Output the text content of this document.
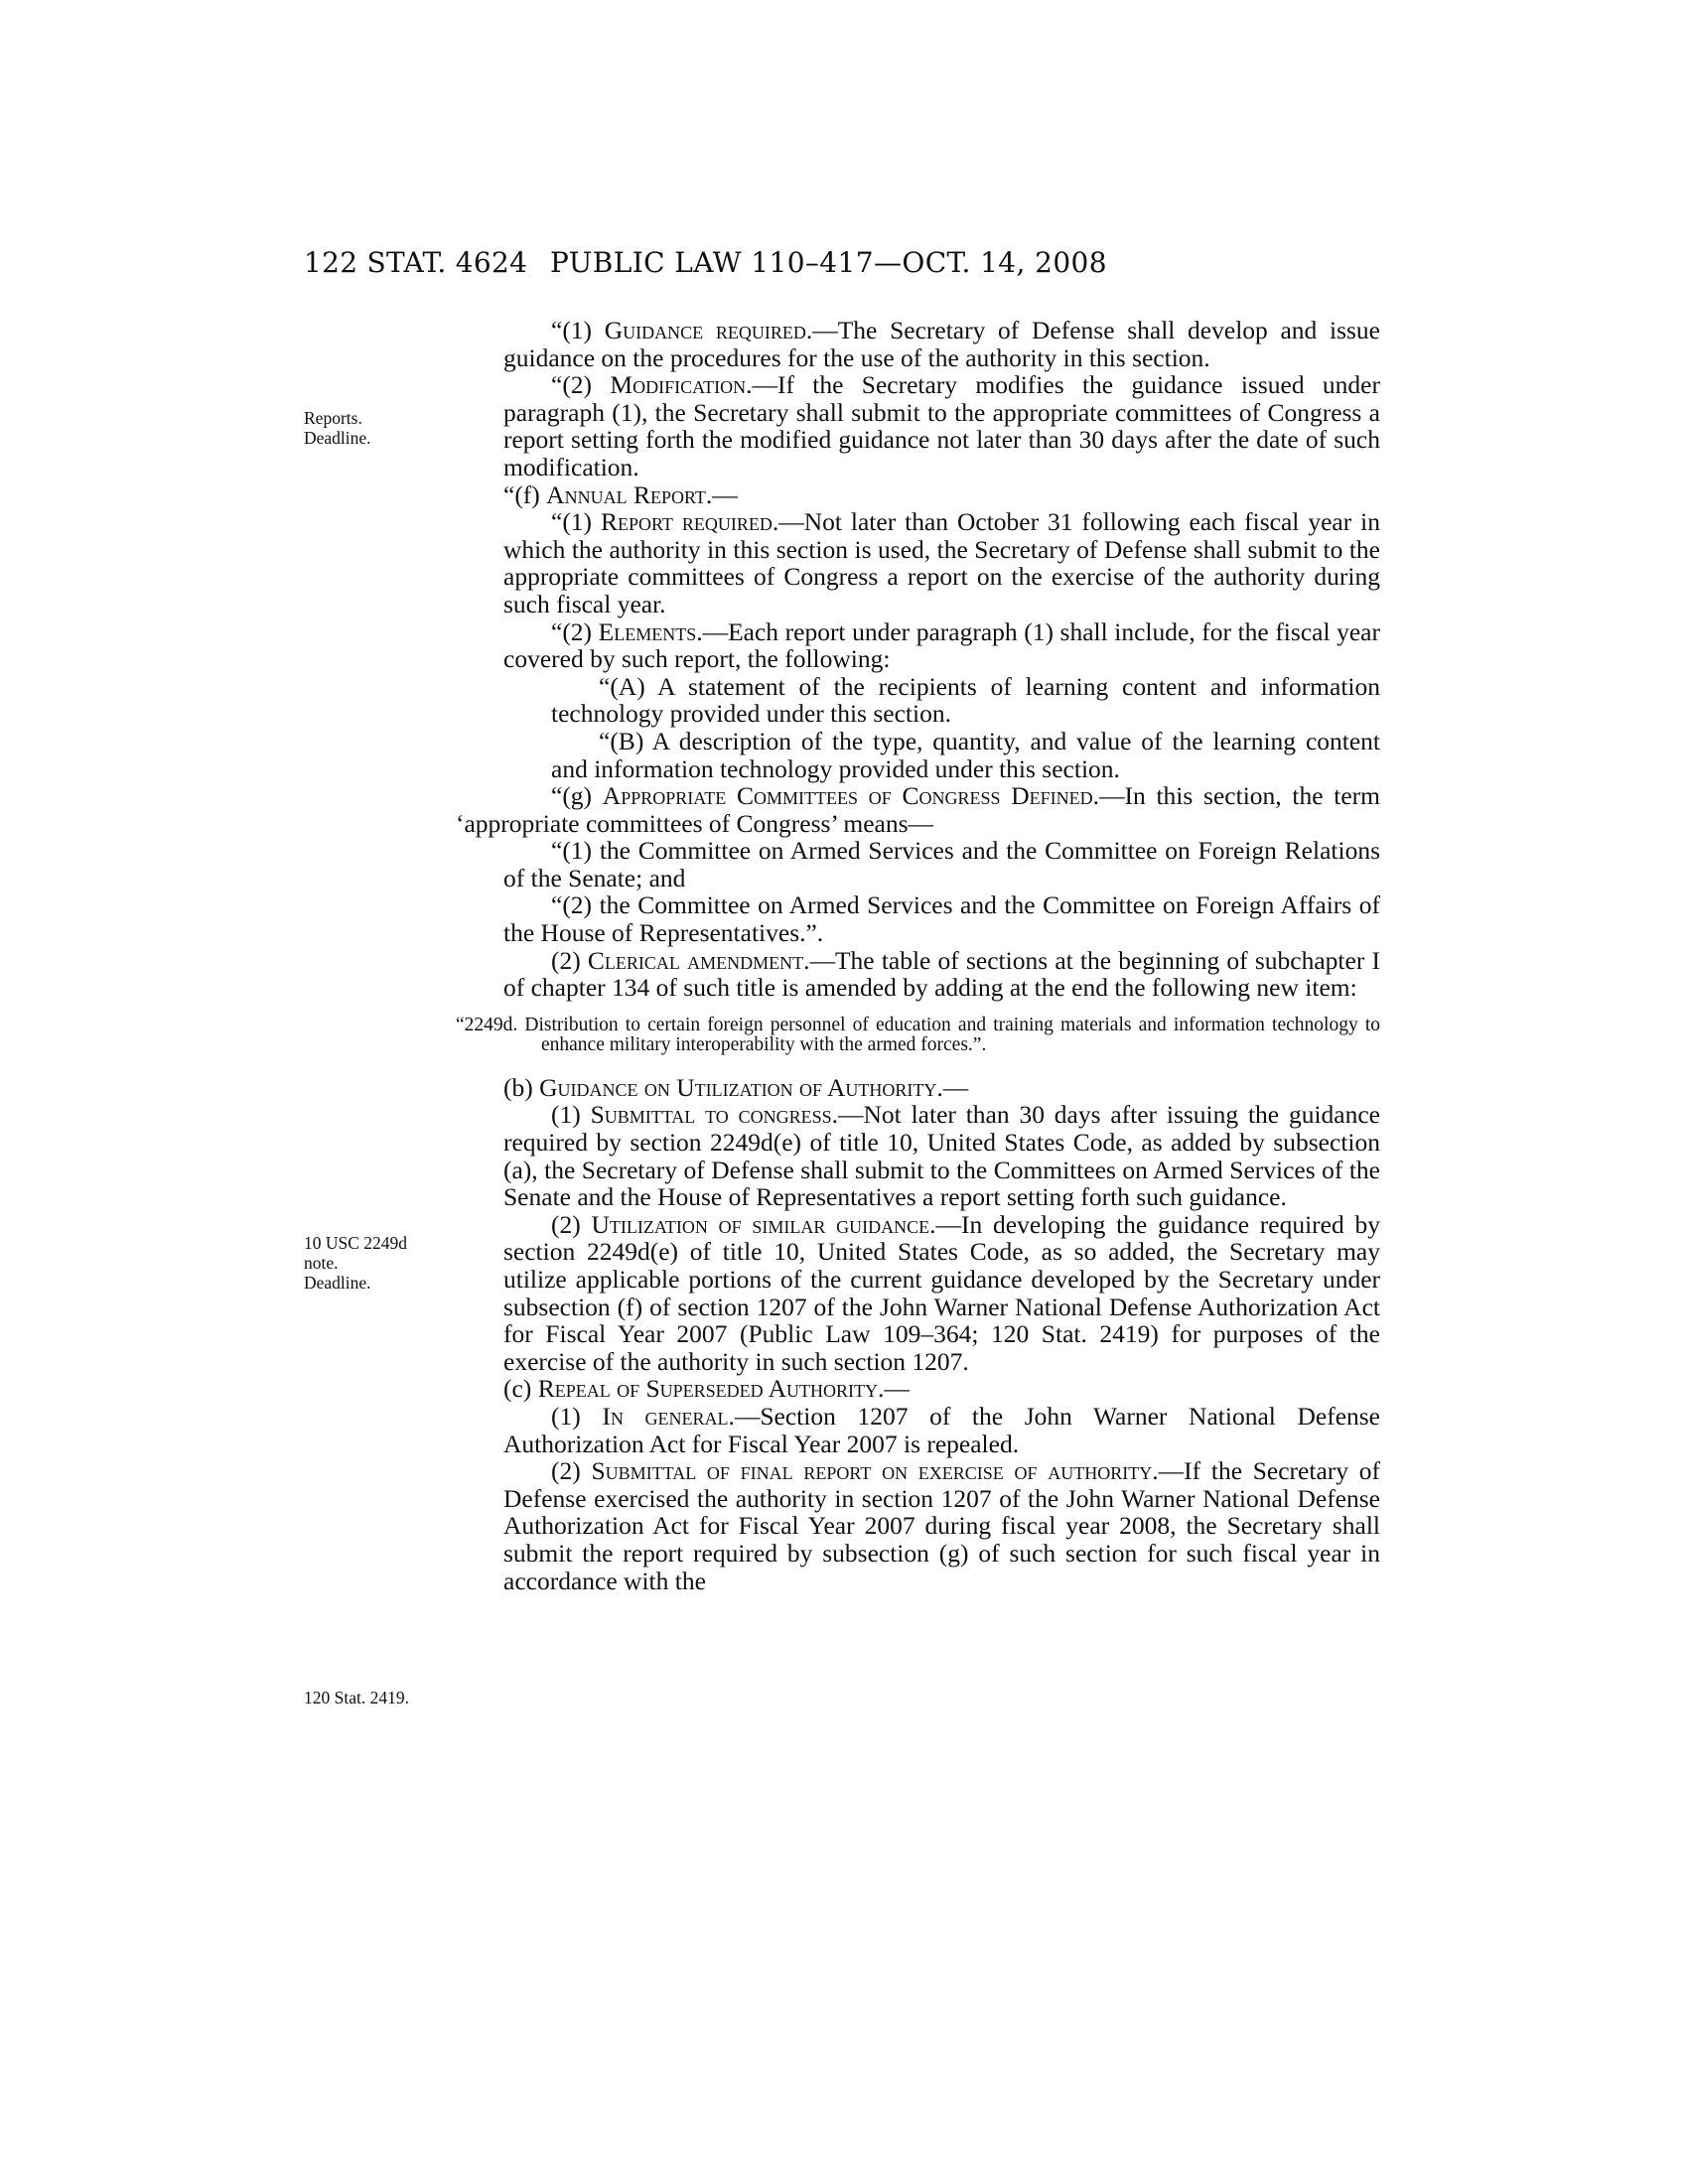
122 STAT. 4624 PUBLIC LAW 110–417—OCT. 14, 2008
Reports.
Deadline.
10 USC 2249d
note.
Deadline.
120 Stat. 2419.

“(1) Guidance required.—The Secretary of Defense shall develop and issue guidance on the procedures for the use of the authority in this section.

“(2) Modification.—If the Secretary modifies the guidance issued under paragraph (1), the Secretary shall submit to the appropriate committees of Congress a report setting forth the modified guidance not later than 30 days after the date of such modification.

“(f) Annual Report.—

“(1) Report required.—Not later than October 31 following each fiscal year in which the authority in this section is used, the Secretary of Defense shall submit to the appropriate committees of Congress a report on the exercise of the authority during such fiscal year.

“(2) Elements.—Each report under paragraph (1) shall include, for the fiscal year covered by such report, the following:

“(A) A statement of the recipients of learning content and information technology provided under this section.

“(B) A description of the type, quantity, and value of the learning content and information technology provided under this section.

“(g) Appropriate Committees of Congress Defined.—In this section, the term ‘appropriate committees of Congress’ means—

“(1) the Committee on Armed Services and the Committee on Foreign Relations of the Senate; and

“(2) the Committee on Armed Services and the Committee on Foreign Affairs of the House of Representatives.”.

(2) Clerical amendment.—The table of sections at the beginning of subchapter I of chapter 134 of such title is amended by adding at the end the following new item:

“2249d. Distribution to certain foreign personnel of education and training materials and information technology to enhance military interoperability with the armed forces.”.

(b) Guidance on Utilization of Authority.—

(1) Submittal to congress.—Not later than 30 days after issuing the guidance required by section 2249d(e) of title 10, United States Code, as added by subsection (a), the Secretary of Defense shall submit to the Committees on Armed Services of the Senate and the House of Representatives a report setting forth such guidance.

(2) Utilization of similar guidance.—In developing the guidance required by section 2249d(e) of title 10, United States Code, as so added, the Secretary may utilize applicable portions of the current guidance developed by the Secretary under subsection (f) of section 1207 of the John Warner National Defense Authorization Act for Fiscal Year 2007 (Public Law 109–364; 120 Stat. 2419) for purposes of the exercise of the authority in such section 1207.

(c) Repeal of Superseded Authority.—

(1) In general.—Section 1207 of the John Warner National Defense Authorization Act for Fiscal Year 2007 is repealed.

(2) Submittal of final report on exercise of authority.—If the Secretary of Defense exercised the authority in section 1207 of the John Warner National Defense Authorization Act for Fiscal Year 2007 during fiscal year 2008, the Secretary shall submit the report required by subsection (g) of such section for such fiscal year in accordance with the
